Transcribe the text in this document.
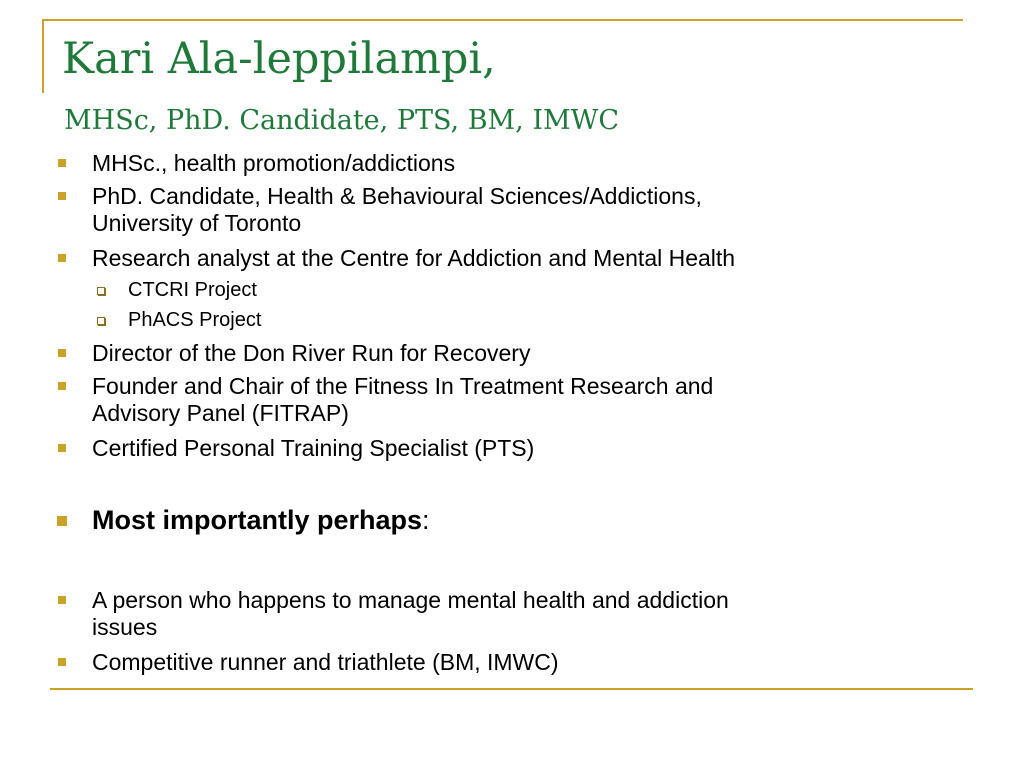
Kari Ala-leppilampi,
MHSc, PhD. Candidate, PTS, BM, IMWC

MHSc., health promotion/addictions

PhD. Candidate, Health & Behavioural Sciences/Addictions,

University of Toronto

Research analyst at the Centre for Addiction and Mental Health

CTCRI Project

PhACS Project

Director of the Don River Run for Recovery

Founder and Chair of the Fitness In Treatment Research and

Advisory Panel (FITRAP)

Certified Personal Training Specialist (PTS)

Most importantly perhaps:

A person who happens to manage mental health and addiction

issues

Competitive runner and triathlete (BM, IMWC)
